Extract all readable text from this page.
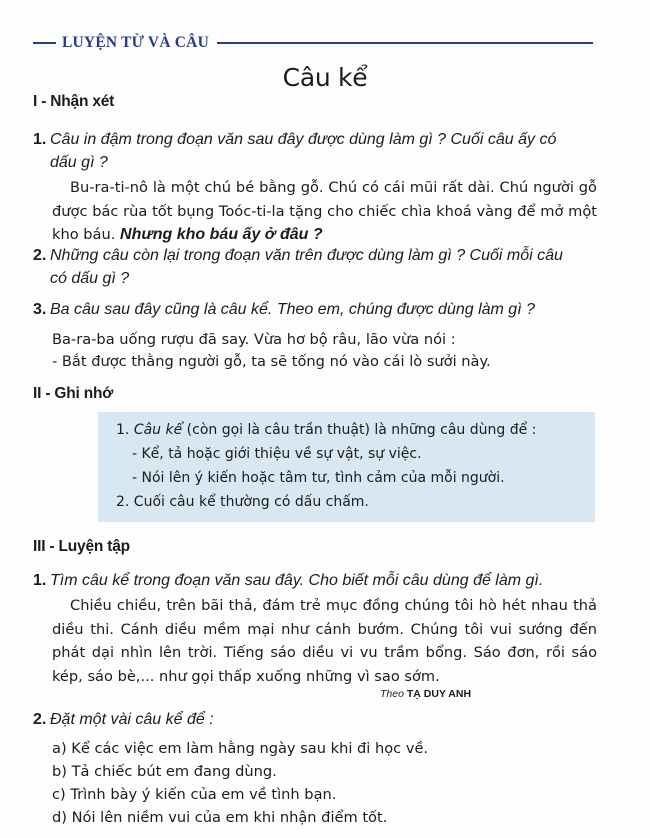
LUYỆN TỪ VÀ CÂU
Câu kể
I - Nhận xét
1. Câu in đậm trong đoạn văn sau đây được dùng làm gì ? Cuối câu ấy có
dấu gì ?
Bu-ra-ti-nô là một chú bé bằng gỗ. Chú có cái mũi rất dài. Chú người gỗ được bác rùa tốt bụng Toóc-ti-la tặng cho chiếc chìa khoá vàng để mở một kho báu. Nhưng kho báu ấy ở đâu ?
2. Những câu còn lại trong đoạn văn trên được dùng làm gì ? Cuối mỗi câu
có dấu gì ?
3. Ba câu sau đây cũng là câu kể. Theo em, chúng được dùng làm gì ?
Ba-ra-ba uống rượu đã say. Vừa hơ bộ râu, lão vừa nói :
- Bắt được thằng người gỗ, ta sẽ tống nó vào cái lò sưởi này.
II - Ghi nhớ
1. Câu kể (còn gọi là câu trần thuật) là những câu dùng để :
- Kể, tả hoặc giới thiệu về sự vật, sự việc.
- Nói lên ý kiến hoặc tâm tư, tình cảm của mỗi người.
2. Cuối câu kể thường có dấu chấm.
III - Luyện tập
1. Tìm câu kể trong đoạn văn sau đây. Cho biết mỗi câu dùng để làm gì.
Chiều chiều, trên bãi thả, đám trẻ mục đồng chúng tôi hò hét nhau thả diều thi. Cánh diều mềm mại như cánh bướm. Chúng tôi vui sướng đến phát dại nhìn lên trời. Tiếng sáo diều vi vu trầm bổng. Sáo đơn, rồi sáo kép, sáo bè,... như gọi thấp xuống những vì sao sớm.
Theo TẠ DUY ANH
2. Đặt một vài câu kể để :
a) Kể các việc em làm hằng ngày sau khi đi học về.
b) Tả chiếc bút em đang dùng.
c) Trình bày ý kiến của em về tình bạn.
d) Nói lên niềm vui của em khi nhận điểm tốt.
